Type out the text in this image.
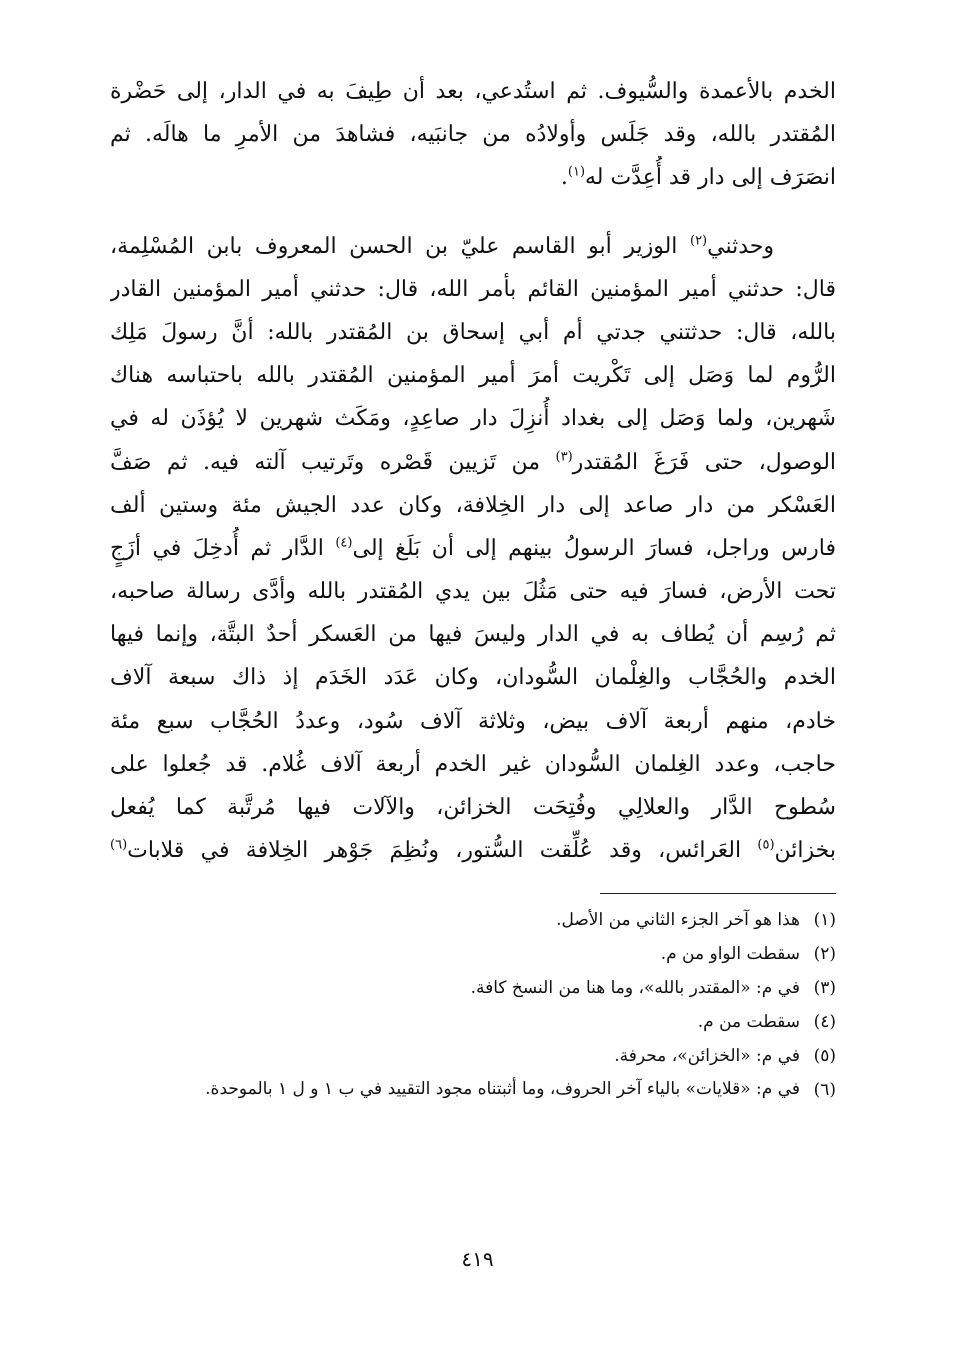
الخدم بالأعمدة والسُّيوف. ثم استُدعي، بعد أن طِيفَ به في الدار، إلى حَضْرة
المُقتدر بالله، وقد جَلَس وأولادُه من جانبَيه، فشاهدَ من الأمرِ ما هالَه. ثم
انصَرَف إلى دار قد أُعِدَّت له$^{(١)}$.
وحدثني$^{(٢)}$ الوزير أبو القاسم عليّ بن الحسن المعروف بابن المُسْلِمة،
قال: حدثني أمير المؤمنين القائم بأمر الله، قال: حدثني أمير المؤمنين القادر
بالله، قال: حدثتني جدتي أم أبي إسحاق بن المُقتدر بالله: أنَّ رسولَ مَلِك
الرُّوم لما وَصَل إلى تَكْريت أمرَ أمير المؤمنين المُقتدر بالله باحتباسه هناك
شَهرين، ولما وَصَل إلى بغداد أُنزِلَ دار صاعِدٍ، ومَكَث شهرين لا يُؤذَن له في
الوصول، حتى فَرَغَ المُقتدر$^{(٣)}$ من تَزيين قَصْره وتَرتيب آلته فيه. ثم صَفَّ
العَسْكر من دار صاعد إلى دار الخِلافة، وكان عدد الجيش مئة وستين ألف
فارس وراجل، فسارَ الرسولُ بينهم إلى أن بَلَغ إلى$^{(٤)}$ الدَّار ثم أُدخِلَ في أزَجٍ
تحت الأرض، فسارَ فيه حتى مَثُلَ بين يدي المُقتدر بالله وأدَّى رسالة صاحبه،
ثم رُسِم أن يُطاف به في الدار وليسَ فيها من العَسكر أحدٌ البتَّة، وإنما فيها
الخدم والحُجَّاب والغِلْمان السُّودان، وكان عَدَد الخَدَم إذ ذاك سبعة آلاف
خادم، منهم أربعة آلاف بيض، وثلاثة آلاف سُود، وعددُ الحُجَّاب سبع مئة
حاجب، وعدد الغِلمان السُّودان غير الخدم أربعة آلاف غُلام. قد جُعلوا على
سُطوح الدَّار والعلالِي وفُتِحَت الخزائن، والآلات فيها مُرتَّبة كما يُفعل
بخزائن$^{(٥)}$ العَرائس، وقد عُلِّقت السُّتور، ونُظِمَ جَوْهر الخِلافة في قلابات$^{(٦)}$
(١)
هذا هو آخر الجزء الثاني من الأصل.
(٢)
سقطت الواو من م.
(٣)
في م: «المقتدر بالله»، وما هنا من النسخ كافة.
(٤)
سقطت من م.
(٥)
في م: «الخزائن»، محرفة.
(٦)
في م: «قلايات» بالياء آخر الحروف، وما أثبتناه مجود التقييد في ب ١ و ل ١ بالموحدة.
٤١٩
